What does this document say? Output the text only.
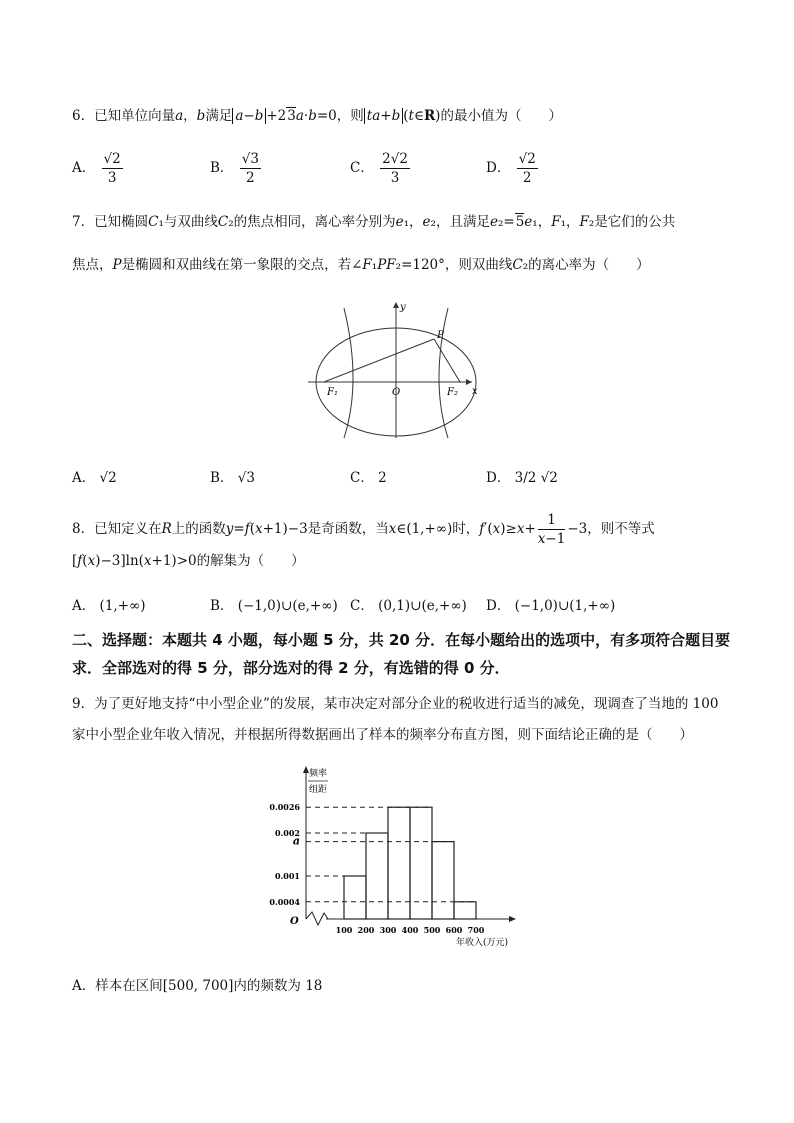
6．已知单位向量a，b满足 a−b +23a·b=0，则 ta+b (t∈R)的最小值为（　　）
A． $\frac{√2}{3}$	B． $\frac{√3}{2}$	C． $\frac{2√2}{3}$	D． $\frac{√2}{2}$
7．已知椭圆C₁与双曲线C₂的焦点相同，离心率分别为e₁，e₂，且满足e₂=5e₁，F₁，F₂是它们的公共
焦点，P是椭圆和双曲线在第一象限的交点，若∠F₁PF₂=120°，则双曲线C₂的离心率为（　　）
y
x
O
P
F₁	F₂
A． √2	B． √3	C． 2	D． 3/2 √2
8．已知定义在R上的函数y=f(x+1)−3是奇函数，当x∈(1,+∞)时，$f'(x)\ge x+ \frac{1}{x-1} -3$，则不等式
[f(x)−3]ln(x+1)>0的解集为（　　）
A． (1,+∞)	B． (−1,0)∪(e,+∞) C． (0,1)∪(e,+∞) D． (−1,0)∪(1,+∞)
二、选择题：本题共 4 小题，每小题 5 分，共 20 分．在每小题给出的选项中，有多项符合题目要求．全部选对的得 5 分，部分选对的得 2 分，有选错的得 0 分．
9．为了更好地支持“中小型企业”的发展，某市决定对部分企业的税收进行适当的减免，现调查了当地的 100
家中小型企业年收入情况，并根据所得数据画出了样本的频率分布直方图，则下面结论正确的是（　　）
频率
组距
O
年收入(万元)
0.0026
0.002
a
0.001
0.0004
100 200 300 400 500 600 700
A．样本在区间[500, 700]内的频数为 18
